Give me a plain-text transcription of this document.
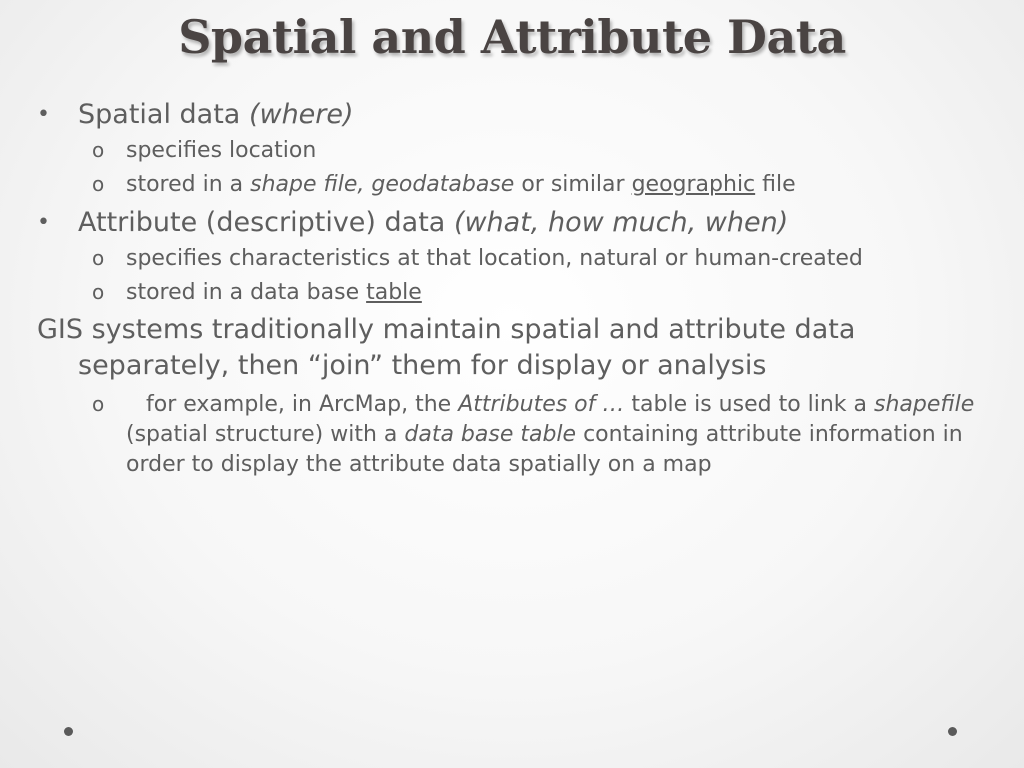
Spatial and Attribute Data
• Spatial data (where)
o specifies location
o stored in a shape file, geodatabase or similar geographic file
• Attribute (descriptive) data (what, how much, when)
o specifies characteristics at that location, natural or human-created
o stored in a data base table
GIS systems traditionally maintain spatial and attribute data separately, then “join” them for display or analysis
o for example, in ArcMap, the Attributes of … table is used to link a shapefile (spatial structure) with a data base table containing attribute information in order to display the attribute data spatially on a map
